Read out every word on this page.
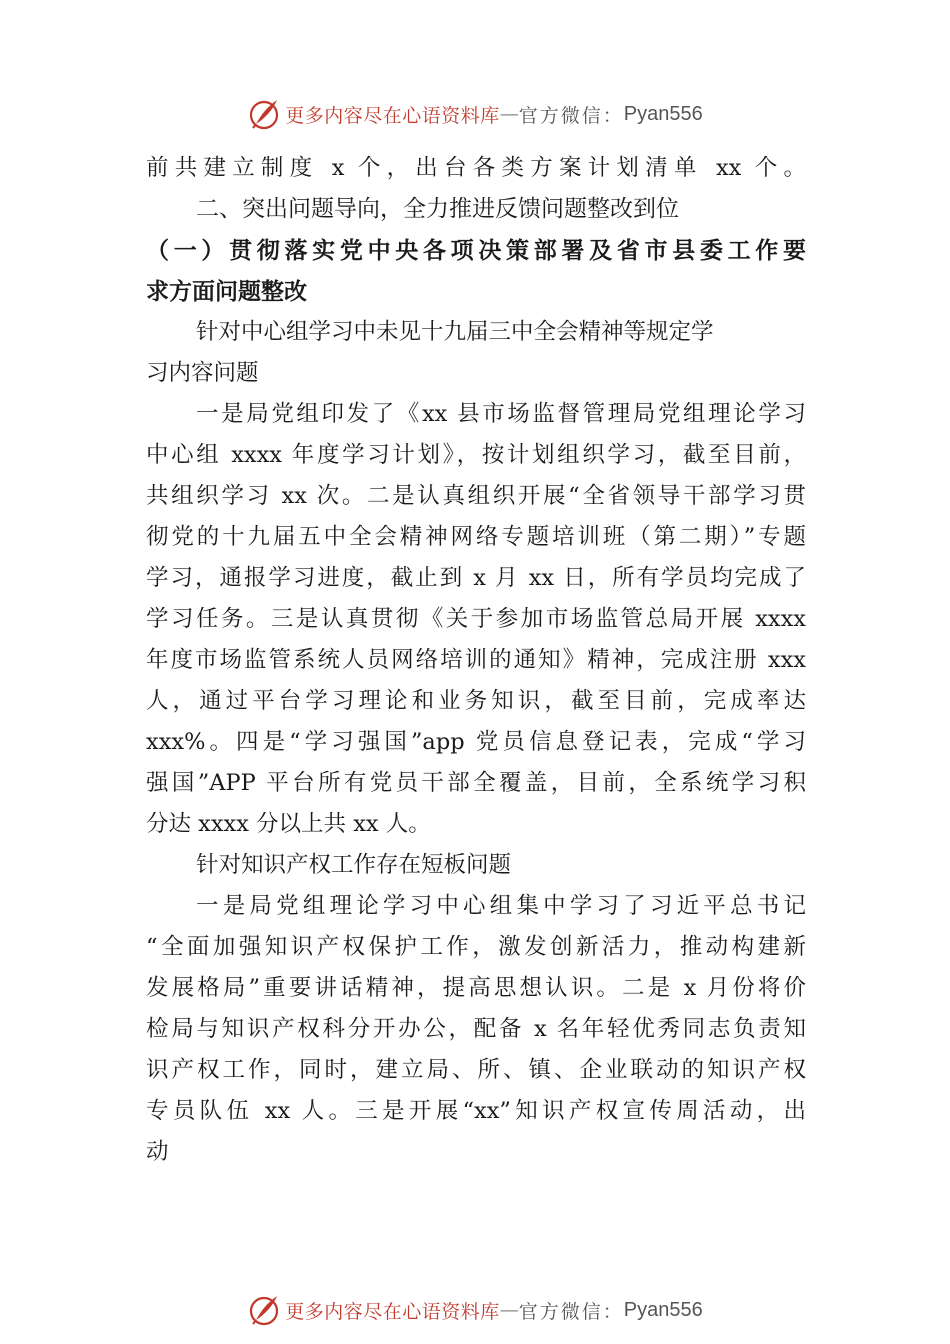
更多内容尽在心语资料库 — 官方微信： Pyan556
前共建立制度 x 个，出台各类方案计划清单 xx 个。
二、突出问题导向，全力推进反馈问题整改到位
（一）贯彻落实党中央各项决策部署及省市县委工作要
求方面问题整改
针对中心组学习中未见十九届三中全会精神等规定学
习内容问题
一是局党组印发了《xx 县市场监督管理局党组理论学习
中心组 xxxx 年度学习计划》，按计划组织学习，截至目前，
共组织学习 xx 次。二是认真组织开展“全省领导干部学习贯
彻党的十九届五中全会精神网络专题培训班（第二期）”专题
学习，通报学习进度，截止到 x 月 xx 日，所有学员均完成了
学习任务。三是认真贯彻《关于参加市场监管总局开展 xxxx
年度市场监管系统人员网络培训的通知》精神，完成注册 xxx
人，通过平台学习理论和业务知识，截至目前，完成率达
xxx%。四是“学习强国”app 党员信息登记表，完成“学习
强国”APP 平台所有党员干部全覆盖，目前，全系统学习积
分达 xxxx 分以上共 xx 人。
针对知识产权工作存在短板问题
一是局党组理论学习中心组集中学习了习近平总书记
“全面加强知识产权保护工作，激发创新活力，推动构建新
发展格局”重要讲话精神，提高思想认识。二是 x 月份将价
检局与知识产权科分开办公，配备 x 名年轻优秀同志负责知
识产权工作，同时，建立局、所、镇、企业联动的知识产权
专员队伍 xx 人。三是开展“xx”知识产权宣传周活动，出
动
更多内容尽在心语资料库 — 官方微信： Pyan556
